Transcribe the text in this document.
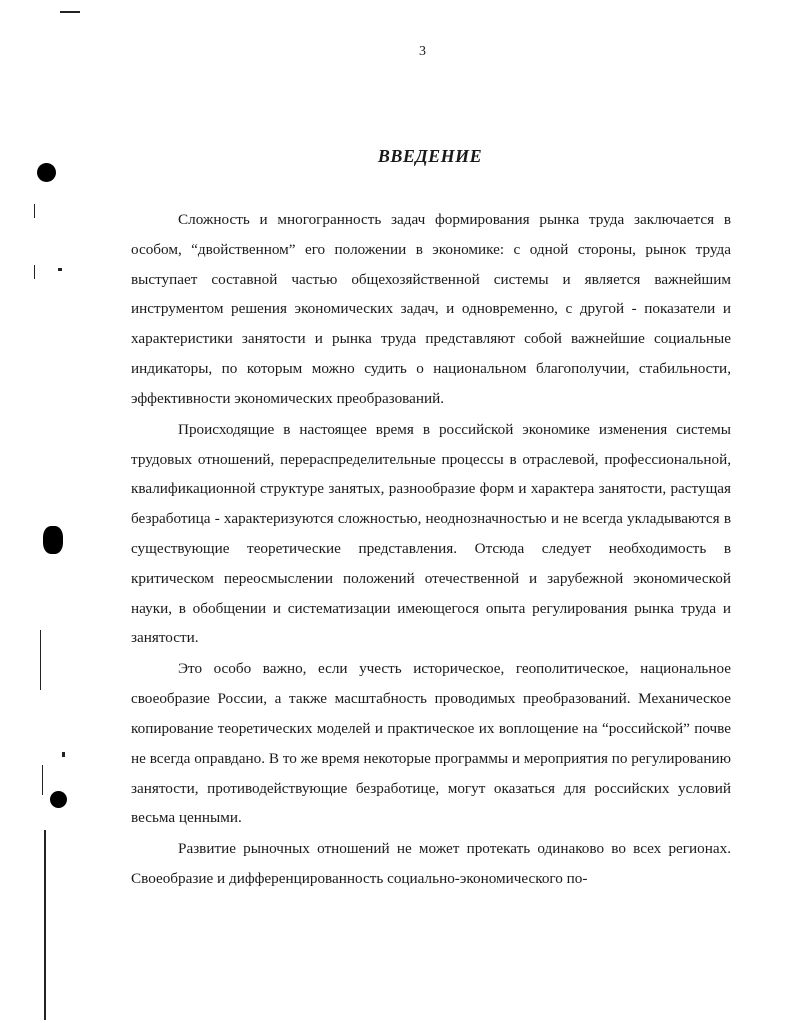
3
ВВЕДЕНИЕ

Сложность и многогранность задач формирования рынка труда заключается в особом, “двойственном” его положении в экономике: с одной стороны, рынок труда выступает составной частью общехозяйственной системы и является важнейшим инструментом решения экономических задач, и одновременно, с другой - показатели и характеристики занятости и рынка труда представляют собой важнейшие социальные индикаторы, по которым можно судить о национальном благополучии, стабильности, эффективности экономических преобразований.

Происходящие в настоящее время в российской экономике изменения системы трудовых отношений, перераспределительные процессы в отраслевой, профессиональной, квалификационной структуре занятых, разнообразие форм и характера занятости, растущая безработица - характеризуются сложностью, неоднозначностью и не всегда укладываются в существующие теоретические представления. Отсюда следует необходимость в критическом переосмыслении положений отечественной и зарубежной экономической науки, в обобщении и систематизации имеющегося опыта регулирования рынка труда и занятости.

Это особо важно, если учесть историческое, геополитическое, национальное своеобразие России, а также масштабность проводимых преобразований. Механическое копирование теоретических моделей и практическое их воплощение на “российской” почве не всегда оправдано. В то же время некоторые программы и мероприятия по регулированию занятости, противодействующие безработице, могут оказаться для российских условий весьма ценными.

Развитие рыночных отношений не может протекать одинаково во всех регионах. Своеобразие и дифференцированность социально-экономического по-
